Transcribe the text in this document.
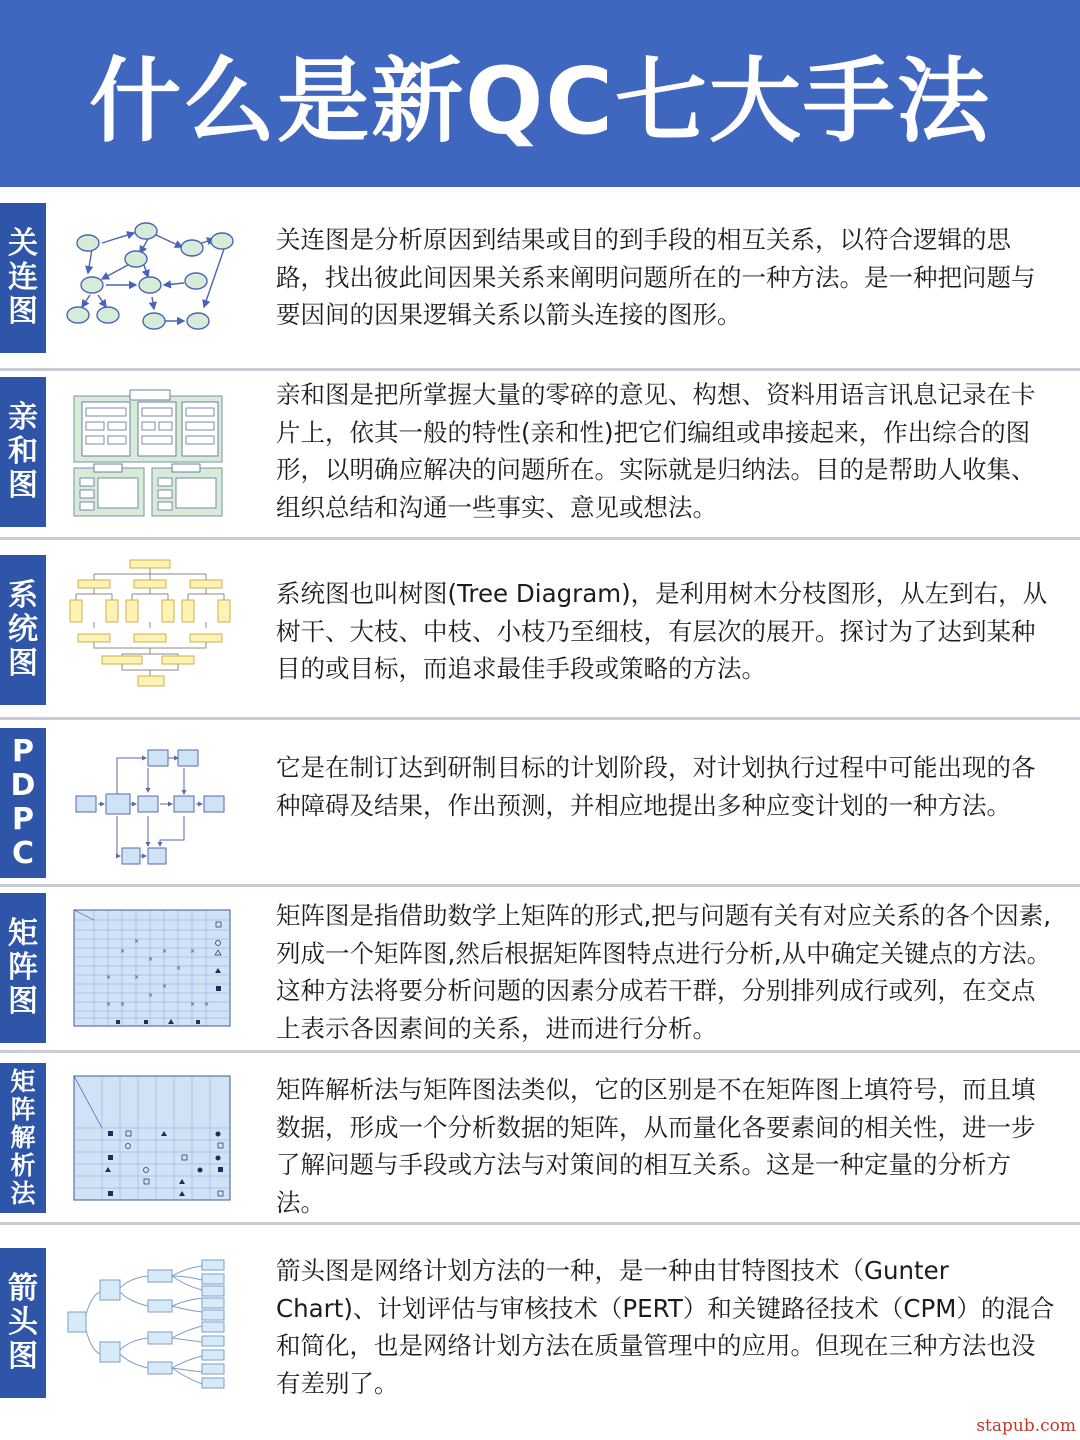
什么是新QC七大手法
关
连
图
关连图是分析原因到结果或目的到手段的相互关系，以符合逻辑的思路，找出彼此间因果关系来阐明问题所在的一种方法。是一种把问题与要因间的因果逻辑关系以箭头连接的图形。
亲
和
图
亲和图是把所掌握大量的零碎的意见、构想、资料用语言讯息记录在卡片上，依其一般的特性(亲和性)把它们编组或串接起来，作出综合的图形，以明确应解决的问题所在。实际就是归纳法。目的是帮助人收集、组织总结和沟通一些事实、意见或想法。
系
统
图
系统图也叫树图(Tree Diagram)，是利用树木分枝图形，从左到右，从树干、大枝、中枝、小枝乃至细枝，有层次的展开。探讨为了达到某种目的或目标，而追求最佳手段或策略的方法。
P
D
P
C
它是在制订达到研制目标的计划阶段，对计划执行过程中可能出现的各种障碍及结果，作出预测，并相应地提出多种应变计划的一种方法。
矩
阵
图
×
×	×
×
×
×
×	×
×
× ×	× ×
×
矩阵图是指借助数学上矩阵的形式,把与问题有关有对应关系的各个因素,列成一个矩阵图,然后根据矩阵图特点进行分析,从中确定关键点的方法。这种方法将要分析问题的因素分成若干群，分别排列成行或列，在交点上表示各因素间的关系，进而进行分析。
矩
阵
解
析
法
矩阵解析法与矩阵图法类似，它的区别是不在矩阵图上填符号，而且填数据，形成一个分析数据的矩阵，从而量化各要素间的相关性，进一步了解问题与手段或方法与对策间的相互关系。这是一种定量的分析方法。
箭
头
图
箭头图是网络计划方法的一种，是一种由甘特图技术（Gunter Chart)、计划评估与审核技术（PERT）和关键路径技术（CPM）的混合和简化，也是网络计划方法在质量管理中的应用。但现在三种方法也没有差别了。
stapub.com
